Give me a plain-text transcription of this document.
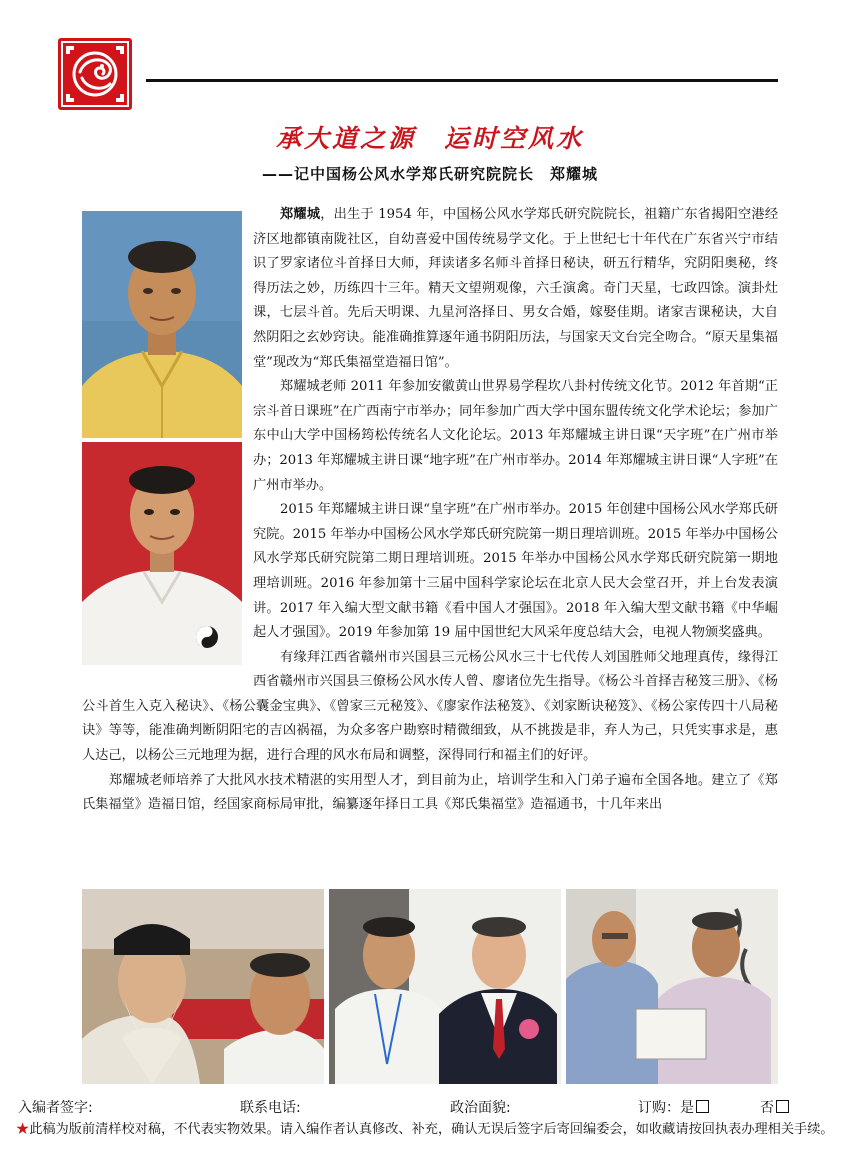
承大道之源　运时空风水
——记中国杨公风水学郑氏研究院院长　郑耀城

郑耀城，出生于 1954 年，中国杨公风水学郑氏研究院院长，祖籍广东省揭阳空港经济区地都镇南陇社区，自幼喜爱中国传统易学文化。于上世纪七十年代在广东省兴宁市结识了罗家诸位斗首择日大师，拜读诸多名师斗首择日秘诀，研五行精华，究阴阳奥秘，终得历法之妙，历练四十三年。精天文望朔观像，六壬演禽。奇门天星，七政四馀。演卦灶课，七层斗首。先后天明课、九星河洛择日、男女合婚，嫁娶佳期。诸家吉课秘诀，大自然阴阳之玄妙窍诀。能准确推算逐年通书阴阳历法，与国家天文台完全吻合。“原天星集福堂”现改为“郑氏集福堂造福日馆”。

郑耀城老师 2011 年参加安徽黄山世界易学程坎八卦村传统文化节。2012 年首期“正宗斗首日课班”在广西南宁市举办；同年参加广西大学中国东盟传统文化学术论坛；参加广东中山大学中国杨筠松传统名人文化论坛。2013 年郑耀城主讲日课“天字班”在广州市举办；2013 年郑耀城主讲日课“地字班”在广州市举办。2014 年郑耀城主讲日课“人字班”在广州市举办。

2015 年郑耀城主讲日课“皇字班”在广州市举办。2015 年创建中国杨公风水学郑氏研究院。2015 年举办中国杨公风水学郑氏研究院第一期日理培训班。2015 年举办中国杨公风水学郑氏研究院第二期日理培训班。2015 年举办中国杨公风水学郑氏研究院第一期地理培训班。2016 年参加第十三届中国科学家论坛在北京人民大会堂召开，并上台发表演讲。2017 年入编大型文献书籍《看中国人才强国》。2018 年入编大型文献书籍《中华崛起人才强国》。2019 年参加第 19 届中国世纪大风采年度总结大会，电视人物颁奖盛典。

有缘拜江西省赣州市兴国县三元杨公风水三十七代传人刘国胜师父地理真传，缘得江西省赣州市兴国县三僚杨公风水传人曾、廖诸位先生指导。《杨公斗首择吉秘笈三册》、《杨公斗首生入克入秘诀》、《杨公囊金宝典》、《曾家三元秘笈》、《廖家作法秘笈》、《刘家断诀秘笈》、《杨公家传四十八局秘诀》等等，能准确判断阴阳宅的吉凶祸福，为众多客户勘察时精微细致，从不挑拨是非，弃人为己，只凭实事求是，惠人达己，以杨公三元地理为据，进行合理的风水布局和调整，深得同行和福主们的好评。

郑耀城老师培养了大批风水技术精湛的实用型人才，到目前为止，培训学生和入门弟子遍布全国各地。建立了《郑氏集福堂》造福日馆，经国家商标局审批，编纂逐年择日工具《郑氏集福堂》造福通书，十几年来出

入编者签字:	联系电话:	政治面貌:	订购：是	否
★此稿为版前清样校对稿，不代表实物效果。请入编作者认真修改、补充，确认无误后签字后寄回编委会，如收藏请按回执表办理相关手续。
